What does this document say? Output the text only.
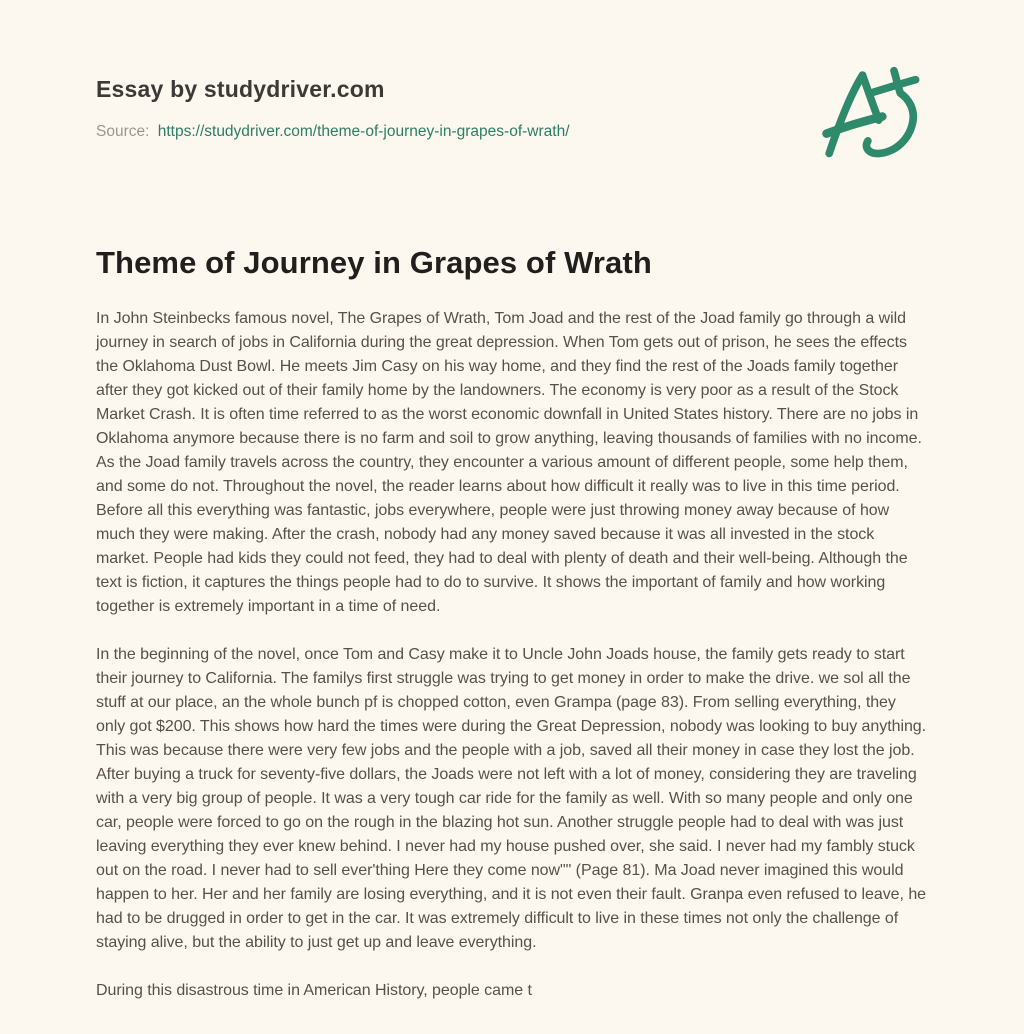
Essay by studydriver.com
Source: https://studydriver.com/theme-of-journey-in-grapes-of-wrath/
Theme of Journey in Grapes of Wrath

In John Steinbecks famous novel, The Grapes of Wrath, Tom Joad and the rest of the Joad family go through a wild journey in search of jobs in California during the great depression. When Tom gets out of prison, he sees the effects the Oklahoma Dust Bowl. He meets Jim Casy on his way home, and they find the rest of the Joads family together after they got kicked out of their family home by the landowners. The economy is very poor as a result of the Stock Market Crash. It is often time referred to as the worst economic downfall in United States history. There are no jobs in Oklahoma anymore because there is no farm and soil to grow anything, leaving thousands of families with no income. As the Joad family travels across the country, they encounter a various amount of different people, some help them, and some do not. Throughout the novel, the reader learns about how difficult it really was to live in this time period. Before all this everything was fantastic, jobs everywhere, people were just throwing money away because of how much they were making. After the crash, nobody had any money saved because it was all invested in the stock market. People had kids they could not feed, they had to deal with plenty of death and their well-being. Although the text is fiction, it captures the things people had to do to survive. It shows the important of family and how working together is extremely important in a time of need.

In the beginning of the novel, once Tom and Casy make it to Uncle John Joads house, the family gets ready to start their journey to California. The familys first struggle was trying to get money in order to make the drive. we sol all the stuff at our place, an the whole bunch pf is chopped cotton, even Grampa (page 83). From selling everything, they only got $200. This shows how hard the times were during the Great Depression, nobody was looking to buy anything. This was because there were very few jobs and the people with a job, saved all their money in case they lost the job. After buying a truck for seventy-five dollars, the Joads were not left with a lot of money, considering they are traveling with a very big group of people. It was a very tough car ride for the family as well. With so many people and only one car, people were forced to go on the rough in the blazing hot sun. Another struggle people had to deal with was just leaving everything they ever knew behind. I never had my house pushed over, she said. I never had my fambly stuck out on the road. I never had to sell ever'thing Here they come now"" (Page 81). Ma Joad never imagined this would happen to her. Her and her family are losing everything, and it is not even their fault. Granpa even refused to leave, he had to be drugged in order to get in the car. It was extremely difficult to live in these times not only the challenge of staying alive, but the ability to just get up and leave everything.

During this disastrous time in American History, people came t
